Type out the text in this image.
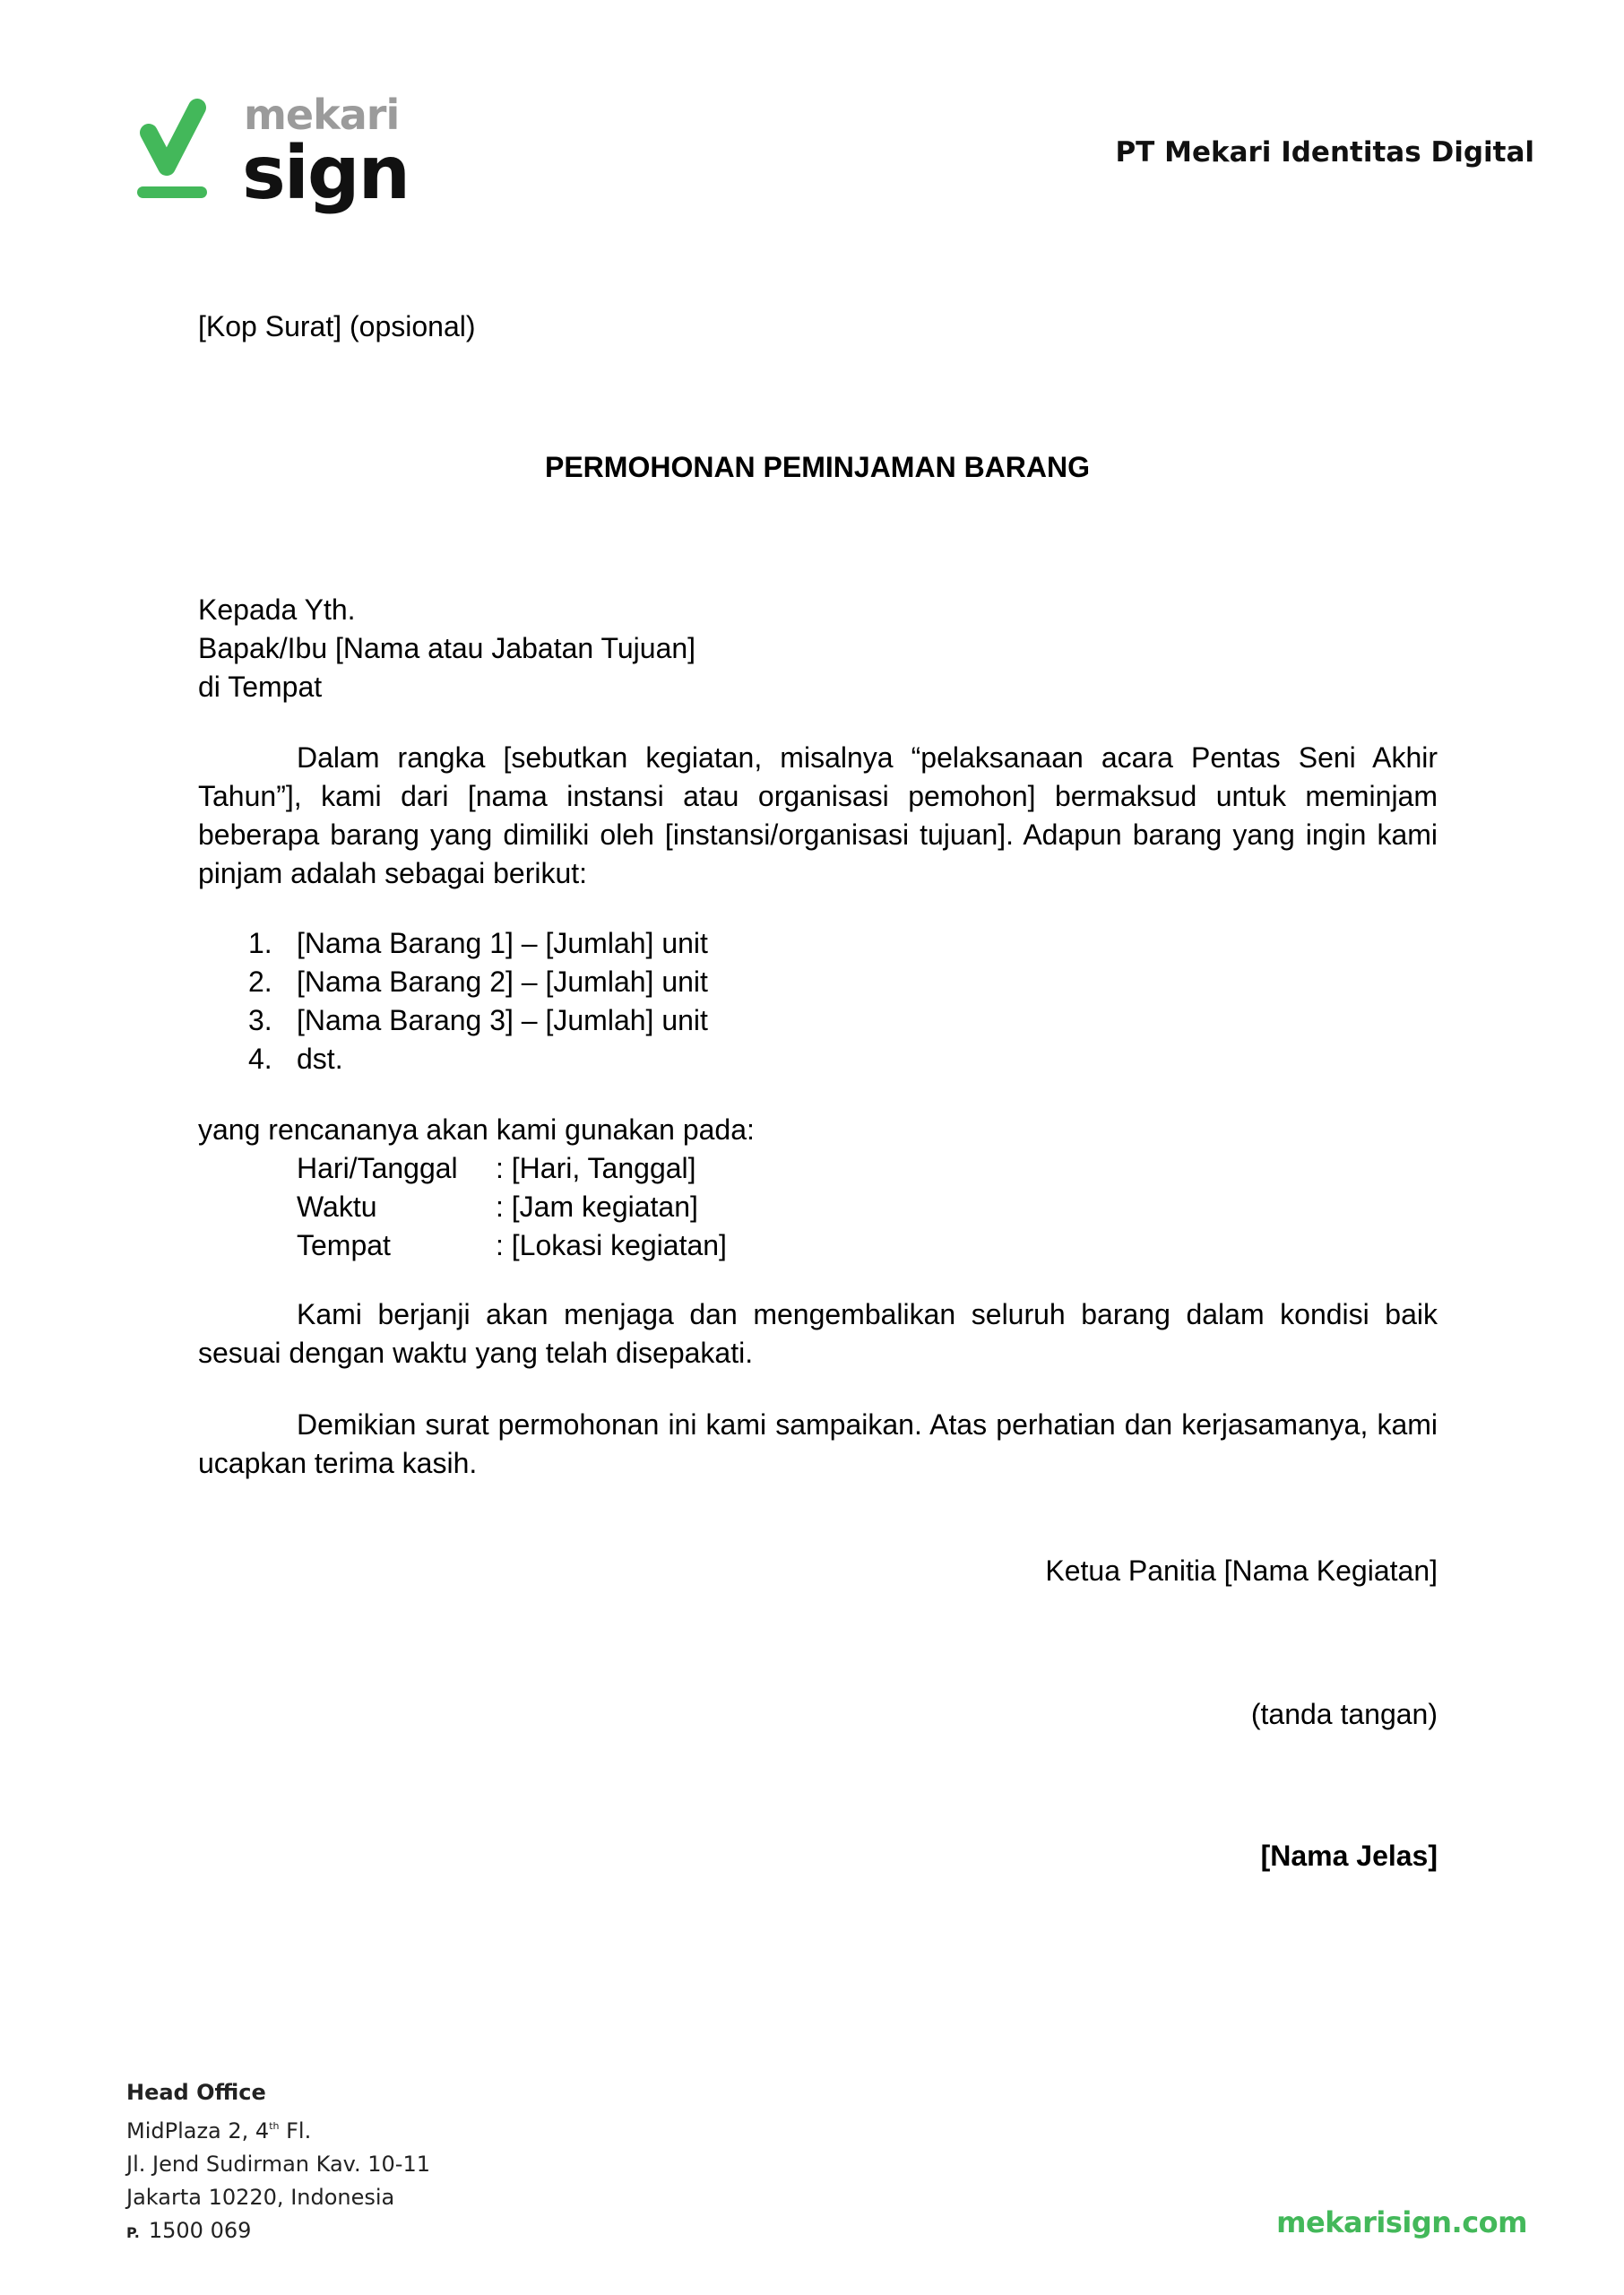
mekari
sign	PT Mekari Identitas Digital
[Kop Surat] (opsional)
PERMOHONAN PEMINJAMAN BARANG
Kepada Yth.
Bapak/Ibu [Nama atau Jabatan Tujuan]
di Tempat
Dalam rangka [sebutkan kegiatan, misalnya “pelaksanaan acara Pentas Seni Akhir Tahun”], kami dari [nama instansi atau organisasi pemohon] bermaksud untuk meminjam beberapa barang yang dimiliki oleh [instansi/organisasi tujuan]. Adapun barang yang ingin kami pinjam adalah sebagai berikut:
1. [Nama Barang 1] – [Jumlah] unit
2. [Nama Barang 2] – [Jumlah] unit
3. [Nama Barang 3] – [Jumlah] unit
4. dst.
yang rencananya akan kami gunakan pada:
Hari/Tanggal : [Hari, Tanggal]
Waktu	: [Jam kegiatan]
Tempat	: [Lokasi kegiatan]
Kami berjanji akan menjaga dan mengembalikan seluruh barang dalam kondisi baik sesuai dengan waktu yang telah disepakati.
Demikian surat permohonan ini kami sampaikan. Atas perhatian dan kerjasamanya, kami ucapkan terima kasih.
Ketua Panitia [Nama Kegiatan]
(tanda tangan)
[Nama Jelas]
Head Office
MidPlaza 2, 4th Fl.
Jl. Jend Sudirman Kav. 10-11
Jakarta 10220, Indonesia
P. 1500 069	mekarisign.com
